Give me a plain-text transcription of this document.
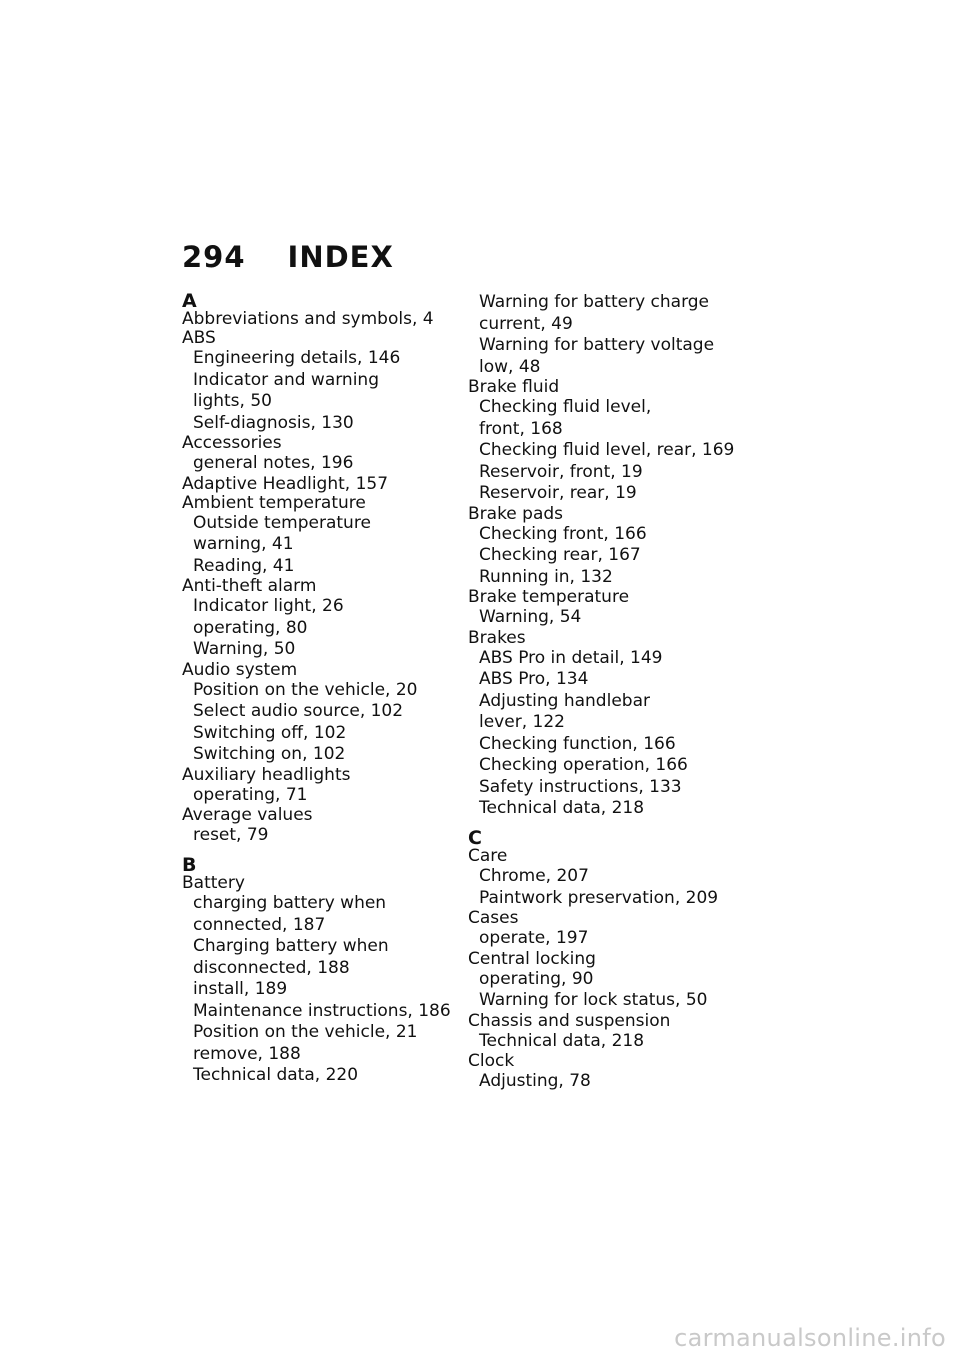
294 INDEX
A
Abbreviations and symbols, 4
ABS
Engineering details, 146
Indicator and warning
lights, 50
Self-diagnosis, 130
Accessories
general notes, 196
Adaptive Headlight, 157
Ambient temperature
Outside temperature
warning, 41
Reading, 41
Anti-theft alarm
Indicator light, 26
operating, 80
Warning, 50
Audio system
Position on the vehicle, 20
Select audio source, 102
Switching off, 102
Switching on, 102
Auxiliary headlights
operating, 71
Average values
reset, 79
B
Battery
charging battery when
connected, 187
Charging battery when
disconnected, 188
install, 189
Maintenance instructions, 186
Position on the vehicle, 21
remove, 188
Technical data, 220
Warning for battery charge
current, 49
Warning for battery voltage
low, 48
Brake fluid
Checking fluid level,
front, 168
Checking fluid level, rear, 169
Reservoir, front, 19
Reservoir, rear, 19
Brake pads
Checking front, 166
Checking rear, 167
Running in, 132
Brake temperature
Warning, 54
Brakes
ABS Pro in detail, 149
ABS Pro, 134
Adjusting handlebar
lever, 122
Checking function, 166
Checking operation, 166
Safety instructions, 133
Technical data, 218
C
Care
Chrome, 207
Paintwork preservation, 209
Cases
operate, 197
Central locking
operating, 90
Warning for lock status, 50
Chassis and suspension
Technical data, 218
Clock
Adjusting, 78
carmanualsonline.info
